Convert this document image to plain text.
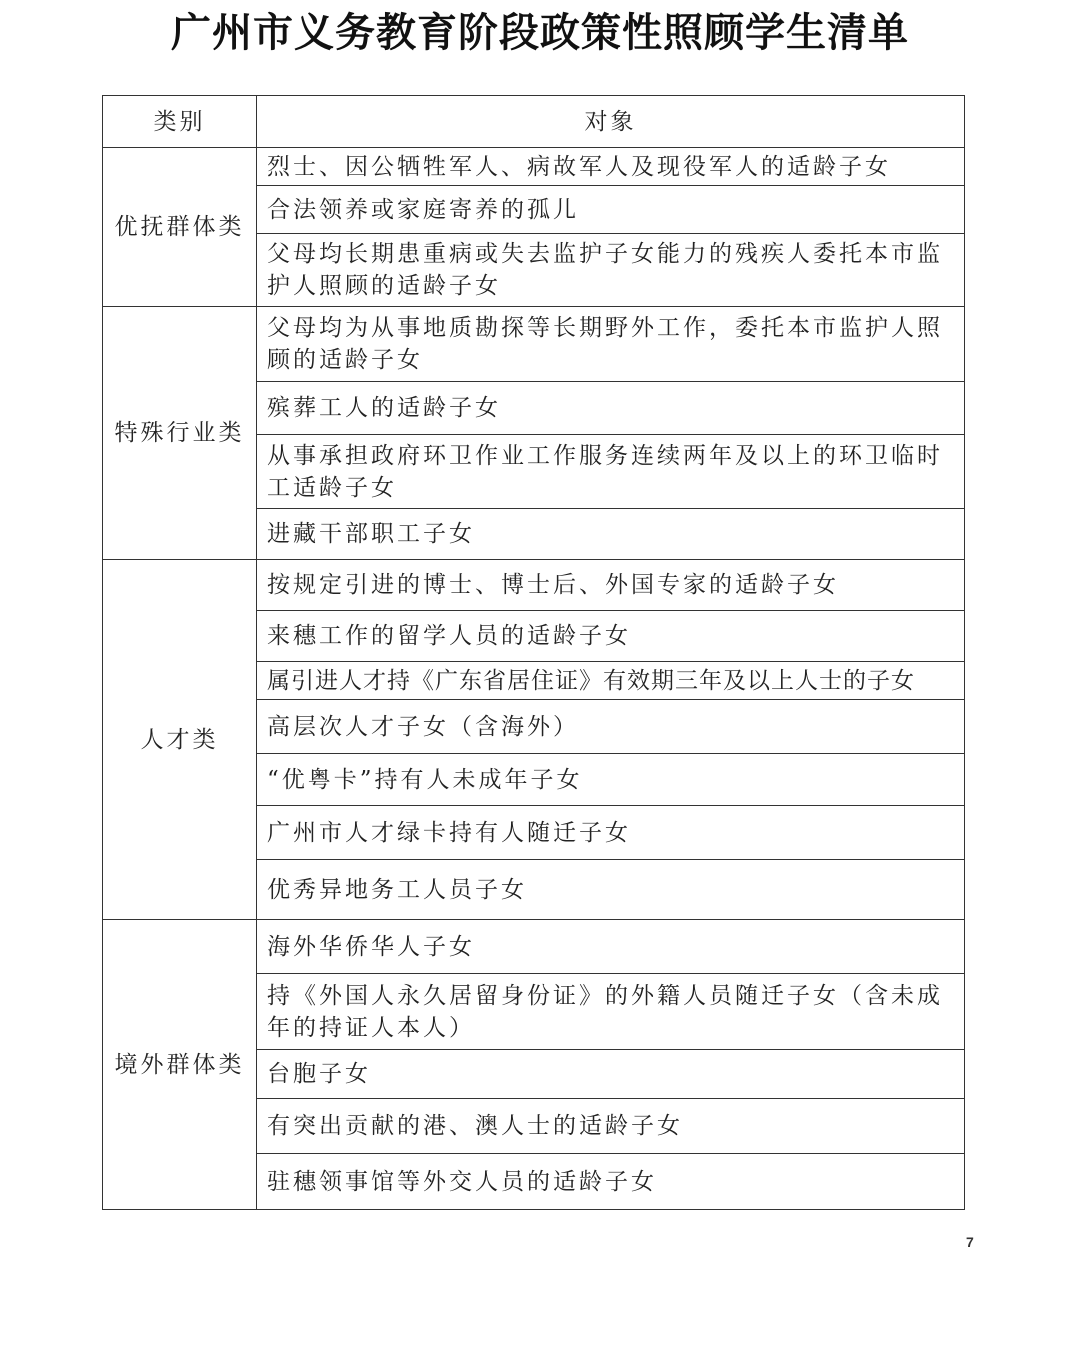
广州市义务教育阶段政策性照顾学生清单
类别	对象
优抚群体类	烈士、因公牺牲军人、病故军人及现役军人的适龄子女
	合法领养或家庭寄养的孤儿
	父母均长期患重病或失去监护子女能力的残疾人委托本市监护人照顾的适龄子女
特殊行业类	父母均为从事地质勘探等长期野外工作，委托本市监护人照顾的适龄子女
	殡葬工人的适龄子女
	从事承担政府环卫作业工作服务连续两年及以上的环卫临时工适龄子女
	进藏干部职工子女
人才类	按规定引进的博士、博士后、外国专家的适龄子女
	来穗工作的留学人员的适龄子女
	属引进人才持《广东省居住证》有效期三年及以上人士的子女
	高层次人才子女（含海外）
	“优粤卡”持有人未成年子女
	广州市人才绿卡持有人随迁子女
	优秀异地务工人员子女
境外群体类	海外华侨华人子女
	持《外国人永久居留身份证》的外籍人员随迁子女（含未成年的持证人本人）
	台胞子女
	有突出贡献的港、澳人士的适龄子女
	驻穗领事馆等外交人员的适龄子女
7
